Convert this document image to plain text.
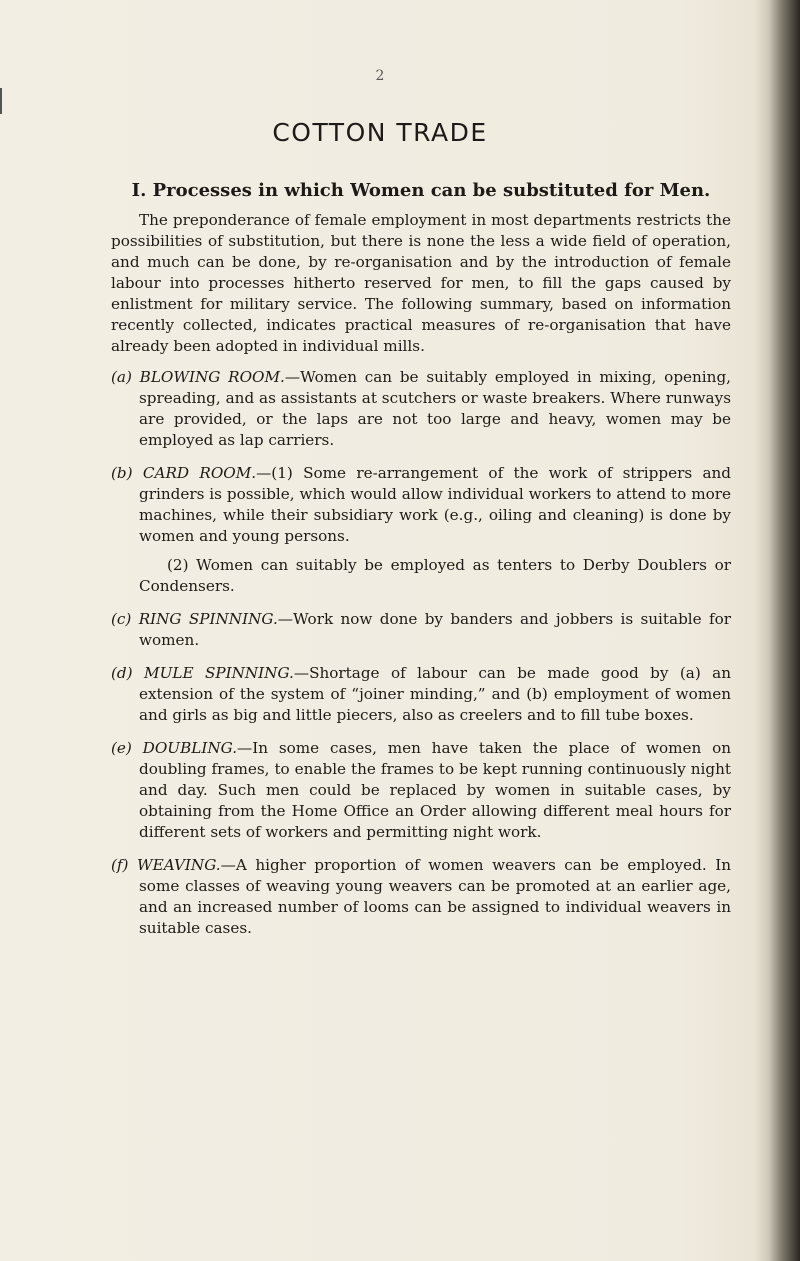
2
COTTON TRADE
I. Processes in which Women can be substituted for Men.

The preponderance of female employment in most departments restricts the possibilities of substitution, but there is none the less a wide field of operation, and much can be done, by re-organisation and by the introduction of female labour into processes hitherto reserved for men, to fill the gaps caused by enlistment for military service. The following summary, based on information recently collected, indicates practical measures of re-organisation that have already been adopted in individual mills.

(a) BLOWING ROOM.—Women can be suitably employed in mixing, opening, spreading, and as assistants at scutchers or waste breakers. Where runways are provided, or the laps are not too large and heavy, women may be employed as lap carriers.

(b) CARD ROOM.—(1) Some re-arrangement of the work of strippers and grinders is possible, which would allow individual workers to attend to more machines, while their subsidiary work (e.g., oiling and cleaning) is done by women and young persons.

(2) Women can suitably be employed as tenters to Derby Doublers or Condensers.

(c) RING SPINNING.—Work now done by banders and jobbers is suitable for women.

(d) MULE SPINNING.—Shortage of labour can be made good by (a) an extension of the system of “joiner minding,” and (b) employment of women and girls as big and little piecers, also as creelers and to fill tube boxes.

(e) DOUBLING.—In some cases, men have taken the place of women on doubling frames, to enable the frames to be kept running continuously night and day. Such men could be replaced by women in suitable cases, by obtaining from the Home Office an Order allowing different meal hours for different sets of workers and permitting night work.

(f) WEAVING.—A higher proportion of women weavers can be employed. In some classes of weaving young weavers can be promoted at an earlier age, and an increased number of looms can be assigned to individual weavers in suitable cases.
